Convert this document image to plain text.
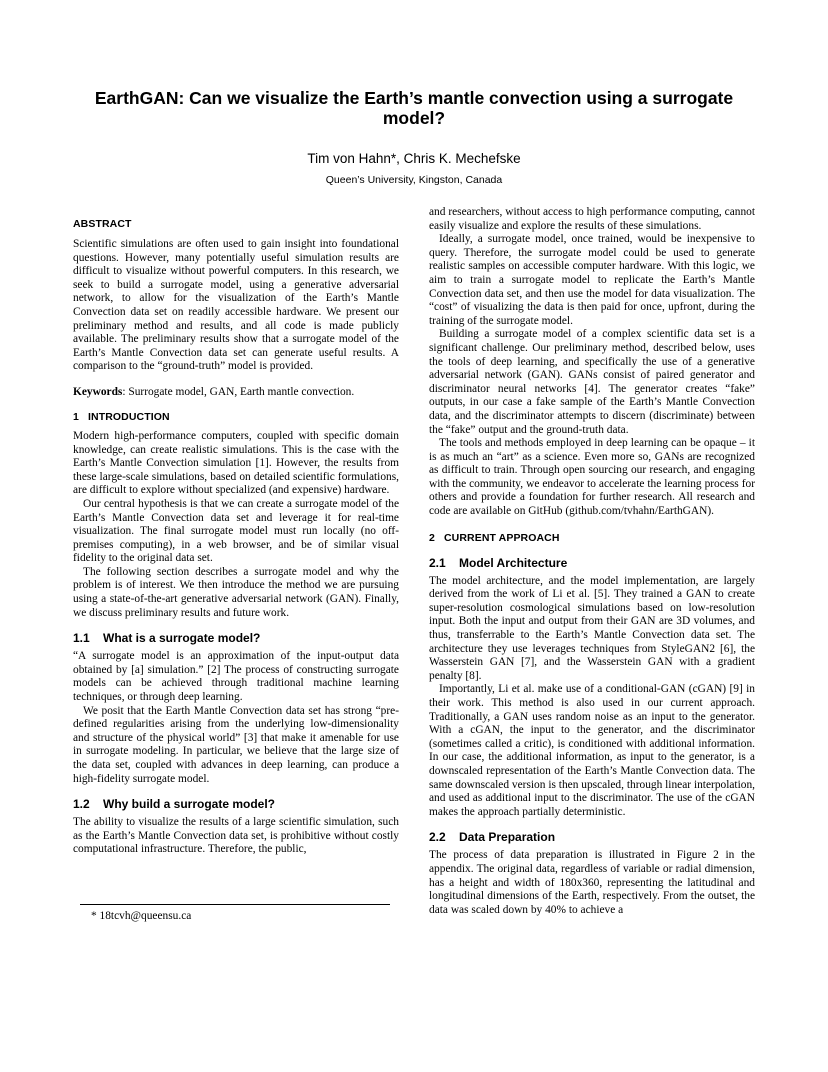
EarthGAN: Can we visualize the Earth’s mantle convection using a surrogate model?
Tim von Hahn*, Chris K. Mechefske
Queen’s University, Kingston, Canada
ABSTRACT

Scientific simulations are often used to gain insight into foundational questions. However, many potentially useful simulation results are difficult to visualize without powerful computers. In this research, we seek to build a surrogate model, using a generative adversarial network, to allow for the visualization of the Earth’s Mantle Convection data set on readily accessible hardware. We present our preliminary method and results, and all code is made publicly available. The preliminary results show that a surrogate model of the Earth’s Mantle Convection data set can generate useful results. A comparison to the “ground-truth” model is provided.

Keywords: Surrogate model, GAN, Earth mantle convection.

1 INTRODUCTION

Modern high-performance computers, coupled with specific domain knowledge, can create realistic simulations. This is the case with the Earth’s Mantle Convection simulation [1]. However, the results from these large-scale simulations, based on detailed scientific formulations, are difficult to explore without specialized (and expensive) hardware.

Our central hypothesis is that we can create a surrogate model of the Earth’s Mantle Convection data set and leverage it for real-time visualization. The final surrogate model must run locally (no off-premises computing), in a web browser, and be of similar visual fidelity to the original data set.

The following section describes a surrogate model and why the problem is of interest. We then introduce the method we are pursuing using a state-of-the-art generative adversarial network (GAN). Finally, we discuss preliminary results and future work.

1.1 What is a surrogate model?

“A surrogate model is an approximation of the input-output data obtained by [a] simulation.” [2] The process of constructing surrogate models can be achieved through traditional machine learning techniques, or through deep learning.

We posit that the Earth Mantle Convection data set has strong “pre-defined regularities arising from the underlying low-dimensionality and structure of the physical world” [3] that make it amenable for use in surrogate modeling. In particular, we believe that the large size of the data set, coupled with advances in deep learning, can produce a high-fidelity surrogate model.

1.2 Why build a surrogate model?

The ability to visualize the results of a large scientific simulation, such as the Earth’s Mantle Convection data set, is prohibitive without costly computational infrastructure. Therefore, the public,

* 18tcvh@queensu.ca

and researchers, without access to high performance computing, cannot easily visualize and explore the results of these simulations.

Ideally, a surrogate model, once trained, would be inexpensive to query. Therefore, the surrogate model could be used to generate realistic samples on accessible computer hardware. With this logic, we aim to train a surrogate model to replicate the Earth’s Mantle Convection data set, and then use the model for data visualization. The “cost” of visualizing the data is then paid for once, upfront, during the training of the surrogate model.

Building a surrogate model of a complex scientific data set is a significant challenge. Our preliminary method, described below, uses the tools of deep learning, and specifically the use of a generative adversarial network (GAN). GANs consist of paired generator and discriminator neural networks [4]. The generator creates “fake” outputs, in our case a fake sample of the Earth’s Mantle Convection data, and the discriminator attempts to discern (discriminate) between the “fake” output and the ground-truth data.

The tools and methods employed in deep learning can be opaque – it is as much an “art” as a science. Even more so, GANs are recognized as difficult to train. Through open sourcing our research, and engaging with the community, we endeavor to accelerate the learning process for others and provide a foundation for further research. All research and code are available on GitHub (github.com/tvhahn/EarthGAN).

2 CURRENT APPROACH
2.1 Model Architecture

The model architecture, and the model implementation, are largely derived from the work of Li et al. [5]. They trained a GAN to create super-resolution cosmological simulations based on low-resolution input. Both the input and output from their GAN are 3D volumes, and thus, transferrable to the Earth’s Mantle Convection data set. The architecture they use leverages techniques from StyleGAN2 [6], the Wasserstein GAN [7], and the Wasserstein GAN with a gradient penalty [8].

Importantly, Li et al. make use of a conditional-GAN (cGAN) [9] in their work. This method is also used in our current approach. Traditionally, a GAN uses random noise as an input to the generator. With a cGAN, the input to the generator, and the discriminator (sometimes called a critic), is conditioned with additional information. In our case, the additional information, as input to the generator, is a downscaled representation of the Earth’s Mantle Convection data. The same downscaled version is then upscaled, through linear interpolation, and used as additional input to the discriminator. The use of the cGAN makes the approach partially deterministic.

2.2 Data Preparation

The process of data preparation is illustrated in Figure 2 in the appendix. The original data, regardless of variable or radial dimension, has a height and width of 180x360, representing the latitudinal and longitudinal dimensions of the Earth, respectively. From the outset, the data was scaled down by 40% to achieve a
